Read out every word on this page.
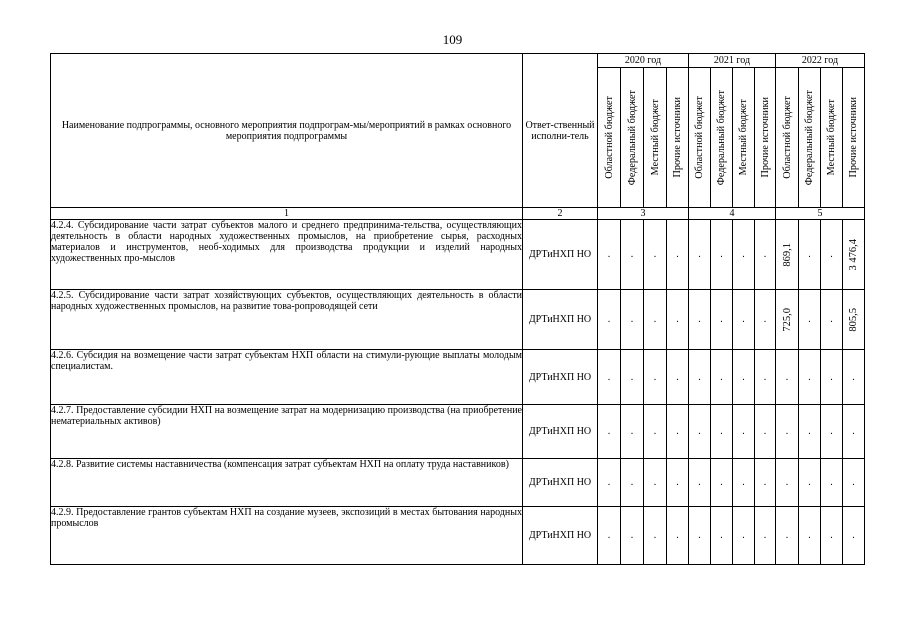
109
Наименование подпрограммы, основного мероприятия подпрограм-мы/мероприятий в рамках основного мероприятия подпрограммы	Ответ-ственный исполни-тель	2020 год				2021 год				2022 год			

		Областной бюджет	Федеральный бюджет	Местный бюджет	Прочие источники	Областной бюджет	Федеральный бюджет	Местный бюджет	Прочие источники	Областной бюджет	Федеральный бюджет	Местный бюджет	Прочие источники

1	2	3				4				5			
4.2.4. Субсидирование части затрат субъектов малого и среднего предпринима-тельства, осуществляющих деятельность в области народных художественных промыслов, на приобретение сырья, расходных материалов и инструментов, необ-ходимых для производства продукции и изделий народных художественных про-мыслов	ДРТиНХП НО	.	.	.	.	.	.	.	.	869,1	.	.	3 476,4

4.2.5. Субсидирование части затрат хозяйствующих субъектов, осуществляющих деятельность в области народных художественных промыслов, на развитие това-ропроводящей сети	ДРТиНХП НО	.	.	.	.	.	.	.	.	725,0	.	.	805,5

4.2.6. Субсидия на возмещение части затрат субъектам НХП области на стимули-рующие выплаты молодым специалистам.	ДРТиНХП НО	.	.	.	.	.	.	.	.	.	.	.	.
4.2.7. Предоставление субсидии НХП на возмещение затрат на модернизацию производства (на приобретение нематериальных активов)	ДРТиНХП НО	.	.	.	.	.	.	.	.	.	.	.	.
4.2.8. Развитие системы наставничества (компенсация затрат субъектам НХП на оплату труда наставников)	ДРТиНХП НО	.	.	.	.	.	.	.	.	.	.	.	.
4.2.9. Предоставление грантов субъектам НХП на создание музеев, экспозиций в местах бытования народных промыслов	ДРТиНХП НО	.	.	.	.	.	.	.	.	.	.	.	.
